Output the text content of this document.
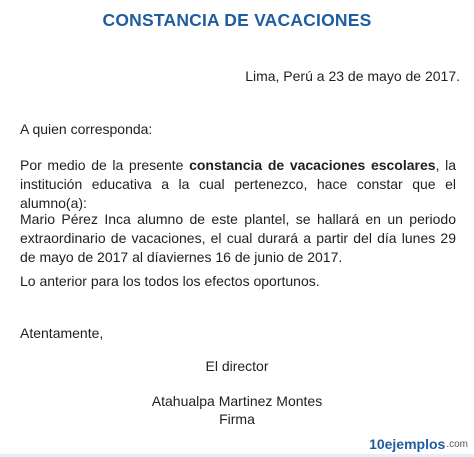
CONSTANCIA DE VACACIONES
Lima, Perú a 23 de mayo de 2017.
A quien corresponda:
Por medio de la presente constancia de vacaciones escolares, la institución educativa a la cual pertenezco, hace constar que el alumno(a):
Mario Pérez Inca alumno de este plantel, se hallará en un periodo extraordinario de vacaciones, el cual durará a partir del día lunes 29 de mayo de 2017 al díaviernes 16 de junio de 2017.
Lo anterior para los todos los efectos oportunos.
Atentamente,
El director
Atahualpa Martinez Montes
Firma
10ejemplos .com
